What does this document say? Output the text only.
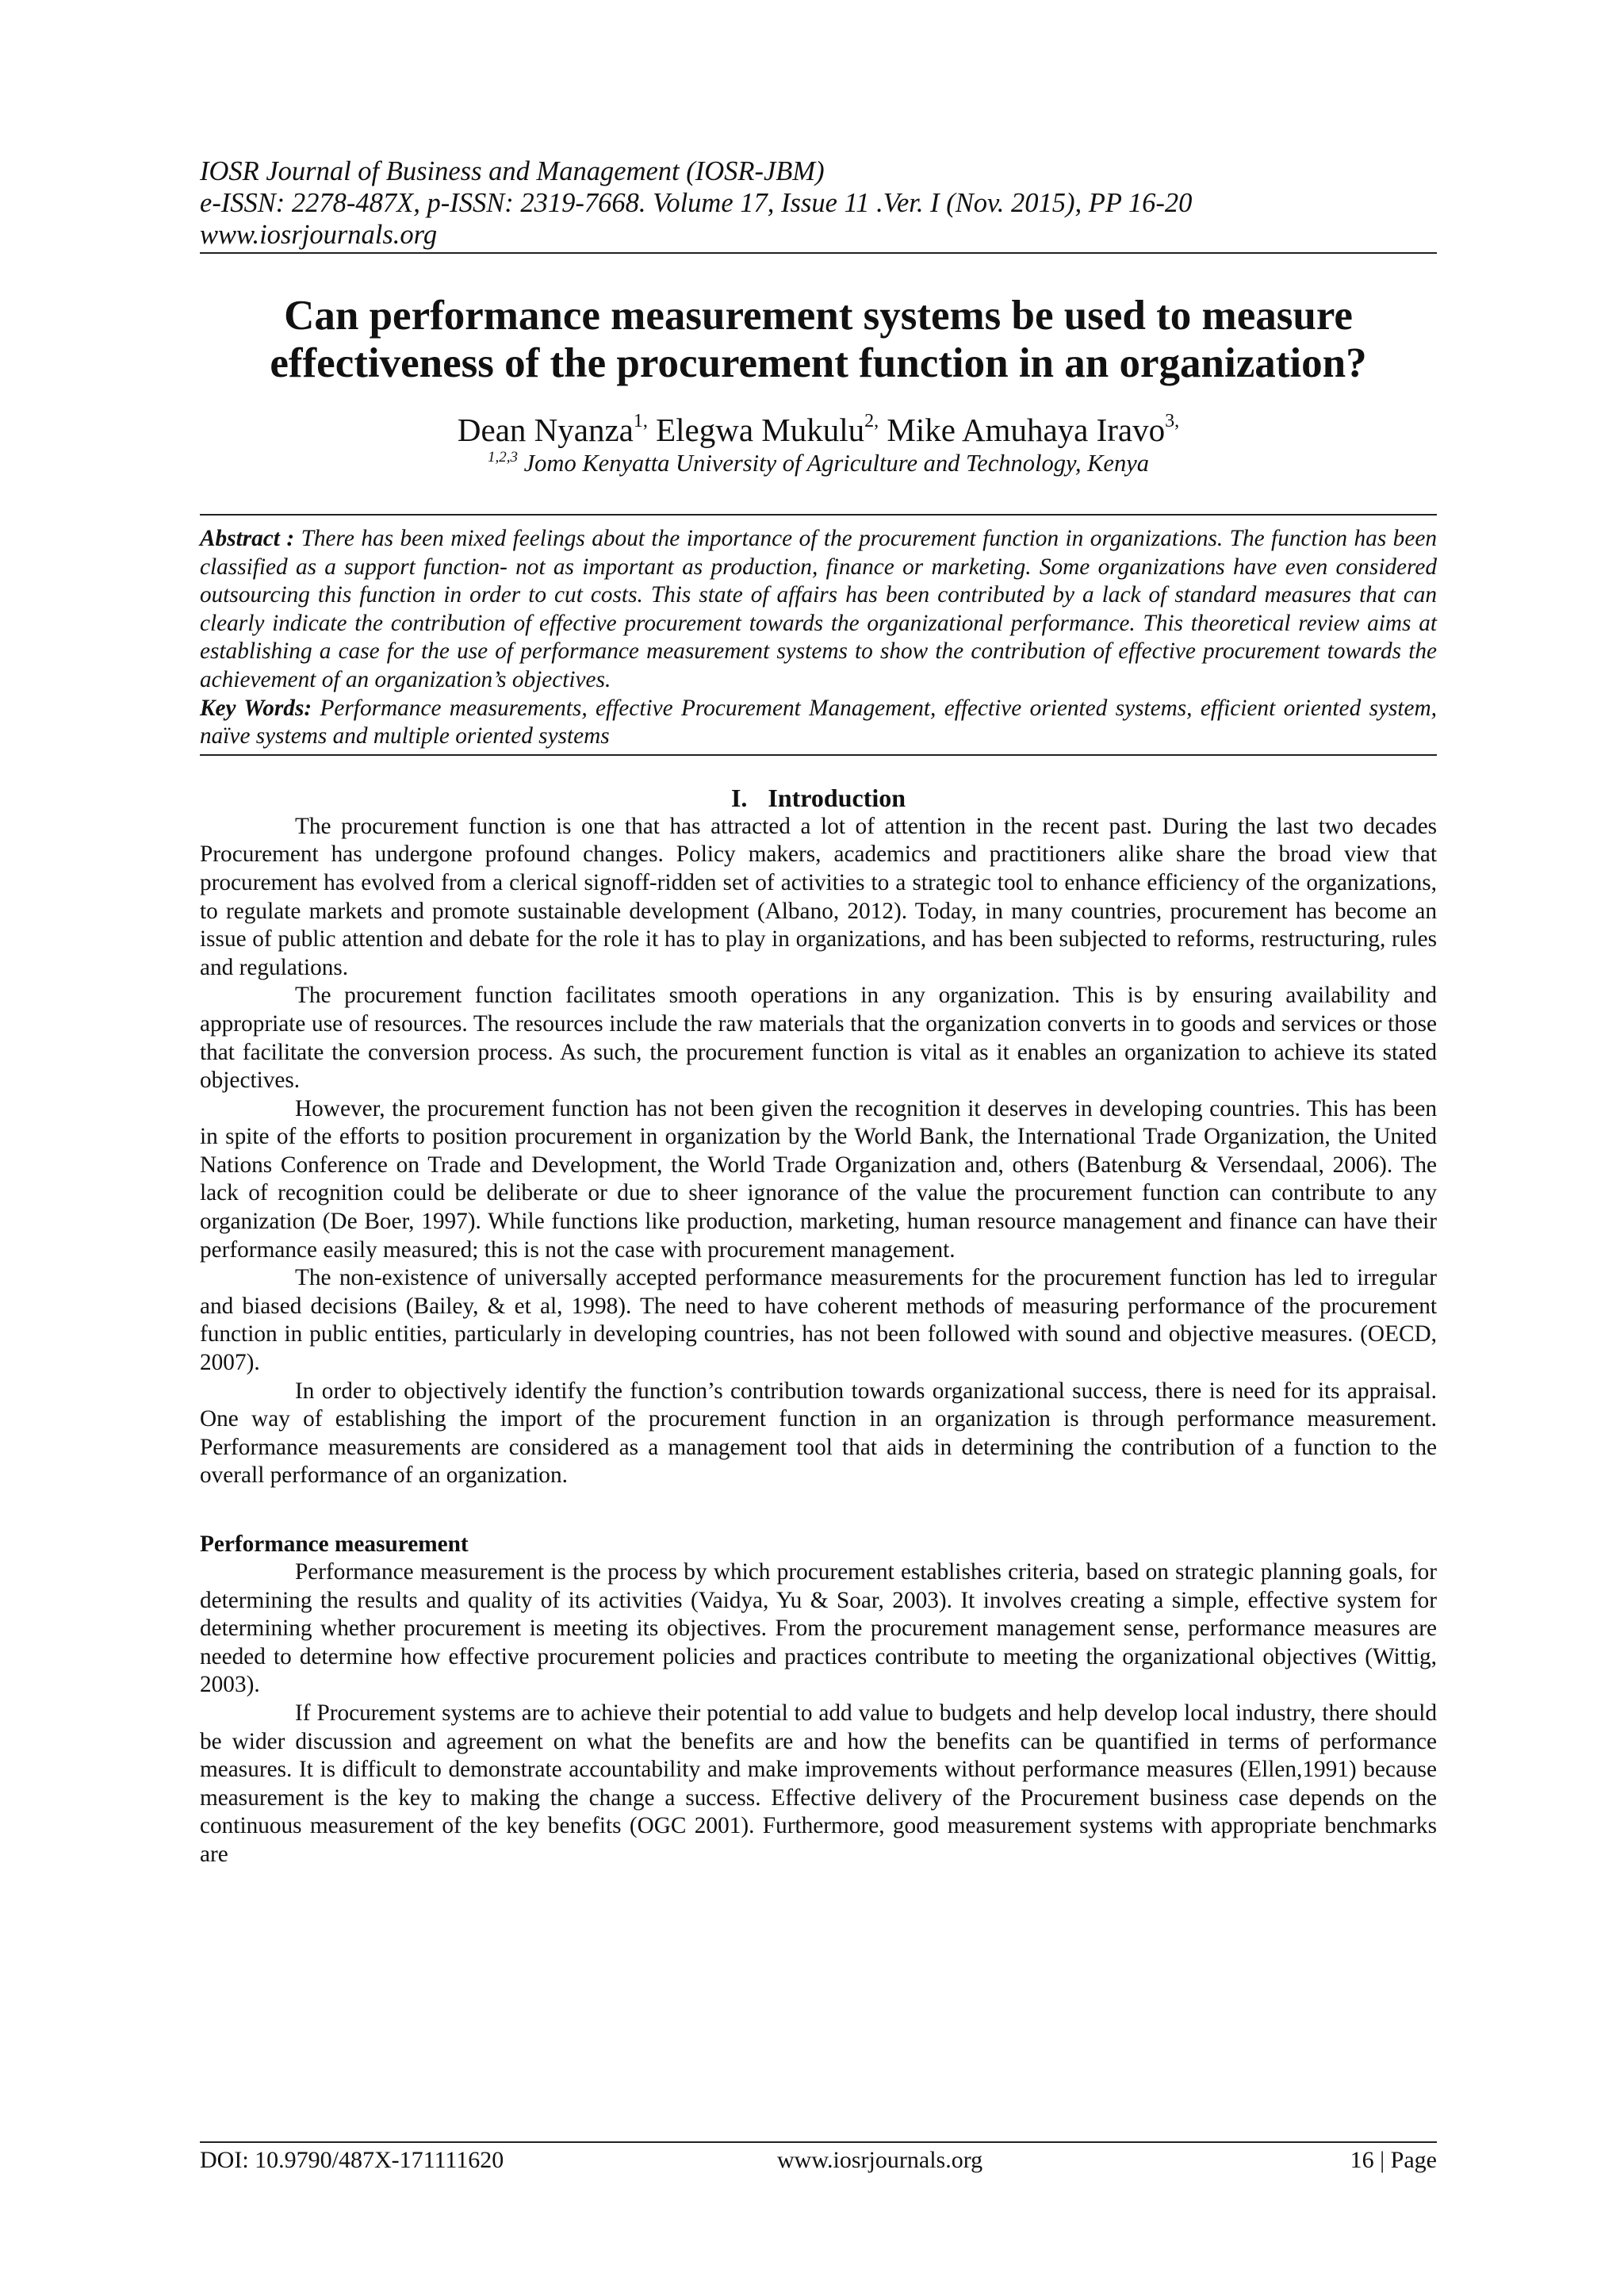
IOSR Journal of Business and Management (IOSR-JBM)
e-ISSN: 2278-487X, p-ISSN: 2319-7668. Volume 17, Issue 11 .Ver. I (Nov. 2015), PP 16-20
www.iosrjournals.org
Can performance measurement systems be used to measure
effectiveness of the procurement function in an organization?
Dean Nyanza$^{1,}$ Elegwa Mukulu$^{2,}$ Mike Amuhaya Iravo$^{3,}$
$^{1,2,3}$ Jomo Kenyatta University of Agriculture and Technology, Kenya

Abstract : There has been mixed feelings about the importance of the procurement function in organizations. The function has been classified as a support function- not as important as production, finance or marketing. Some organizations have even considered outsourcing this function in order to cut costs. This state of affairs has been contributed by a lack of standard measures that can clearly indicate the contribution of effective procurement towards the organizational performance. This theoretical review aims at establishing a case for the use of performance measurement systems to show the contribution of effective procurement towards the achievement of an organization’s objectives.

Key Words: Performance measurements, effective Procurement Management, effective oriented systems, efficient oriented system, naïve systems and multiple oriented systems

I. Introduction

The procurement function is one that has attracted a lot of attention in the recent past. During the last two decades Procurement has undergone profound changes. Policy makers, academics and practitioners alike share the broad view that procurement has evolved from a clerical signoff-ridden set of activities to a strategic tool to enhance efficiency of the organizations, to regulate markets and promote sustainable development (Albano, 2012). Today, in many countries, procurement has become an issue of public attention and debate for the role it has to play in organizations, and has been subjected to reforms, restructuring, rules and regulations.

The procurement function facilitates smooth operations in any organization. This is by ensuring availability and appropriate use of resources. The resources include the raw materials that the organization converts in to goods and services or those that facilitate the conversion process. As such, the procurement function is vital as it enables an organization to achieve its stated objectives.

However, the procurement function has not been given the recognition it deserves in developing countries. This has been in spite of the efforts to position procurement in organization by the World Bank, the International Trade Organization, the United Nations Conference on Trade and Development, the World Trade Organization and, others (Batenburg & Versendaal, 2006). The lack of recognition could be deliberate or due to sheer ignorance of the value the procurement function can contribute to any organization (De Boer, 1997). While functions like production, marketing, human resource management and finance can have their performance easily measured; this is not the case with procurement management.

The non-existence of universally accepted performance measurements for the procurement function has led to irregular and biased decisions (Bailey, & et al, 1998). The need to have coherent methods of measuring performance of the procurement function in public entities, particularly in developing countries, has not been followed with sound and objective measures. (OECD, 2007).

In order to objectively identify the function’s contribution towards organizational success, there is need for its appraisal. One way of establishing the import of the procurement function in an organization is through performance measurement. Performance measurements are considered as a management tool that aids in determining the contribution of a function to the overall performance of an organization.

Performance measurement

Performance measurement is the process by which procurement establishes criteria, based on strategic planning goals, for determining the results and quality of its activities (Vaidya, Yu & Soar, 2003). It involves creating a simple, effective system for determining whether procurement is meeting its objectives. From the procurement management sense, performance measures are needed to determine how effective procurement policies and practices contribute to meeting the organizational objectives (Wittig, 2003).

If Procurement systems are to achieve their potential to add value to budgets and help develop local industry, there should be wider discussion and agreement on what the benefits are and how the benefits can be quantified in terms of performance measures. It is difficult to demonstrate accountability and make improvements without performance measures (Ellen,1991) because measurement is the key to making the change a success. Effective delivery of the Procurement business case depends on the continuous measurement of the key benefits (OGC 2001). Furthermore, good measurement systems with appropriate benchmarks are

DOI: 10.9790/487X-171111620	www.iosrjournals.org	16 | Page
